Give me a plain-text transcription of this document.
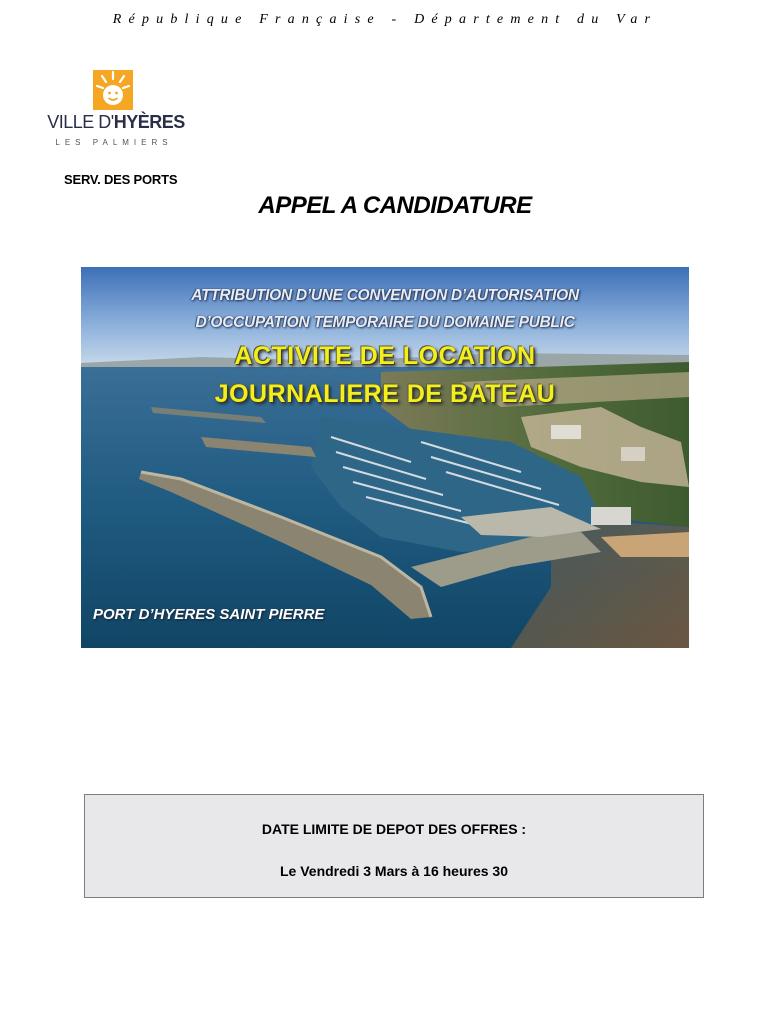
République Française - Département du Var
VILLE D'HYÈRES
LES PALMIERS
SERV. DES PORTS
APPEL A CANDIDATURE
ATTRIBUTION D’UNE CONVENTION D’AUTORISATION
D’OCCUPATION TEMPORAIRE DU DOMAINE PUBLIC
ACTIVITE DE LOCATION
JOURNALIERE DE BATEAU
PORT D’HYERES SAINT PIERRE
DATE LIMITE DE DEPOT DES OFFRES :
Le Vendredi 3 Mars à 16 heures 30
